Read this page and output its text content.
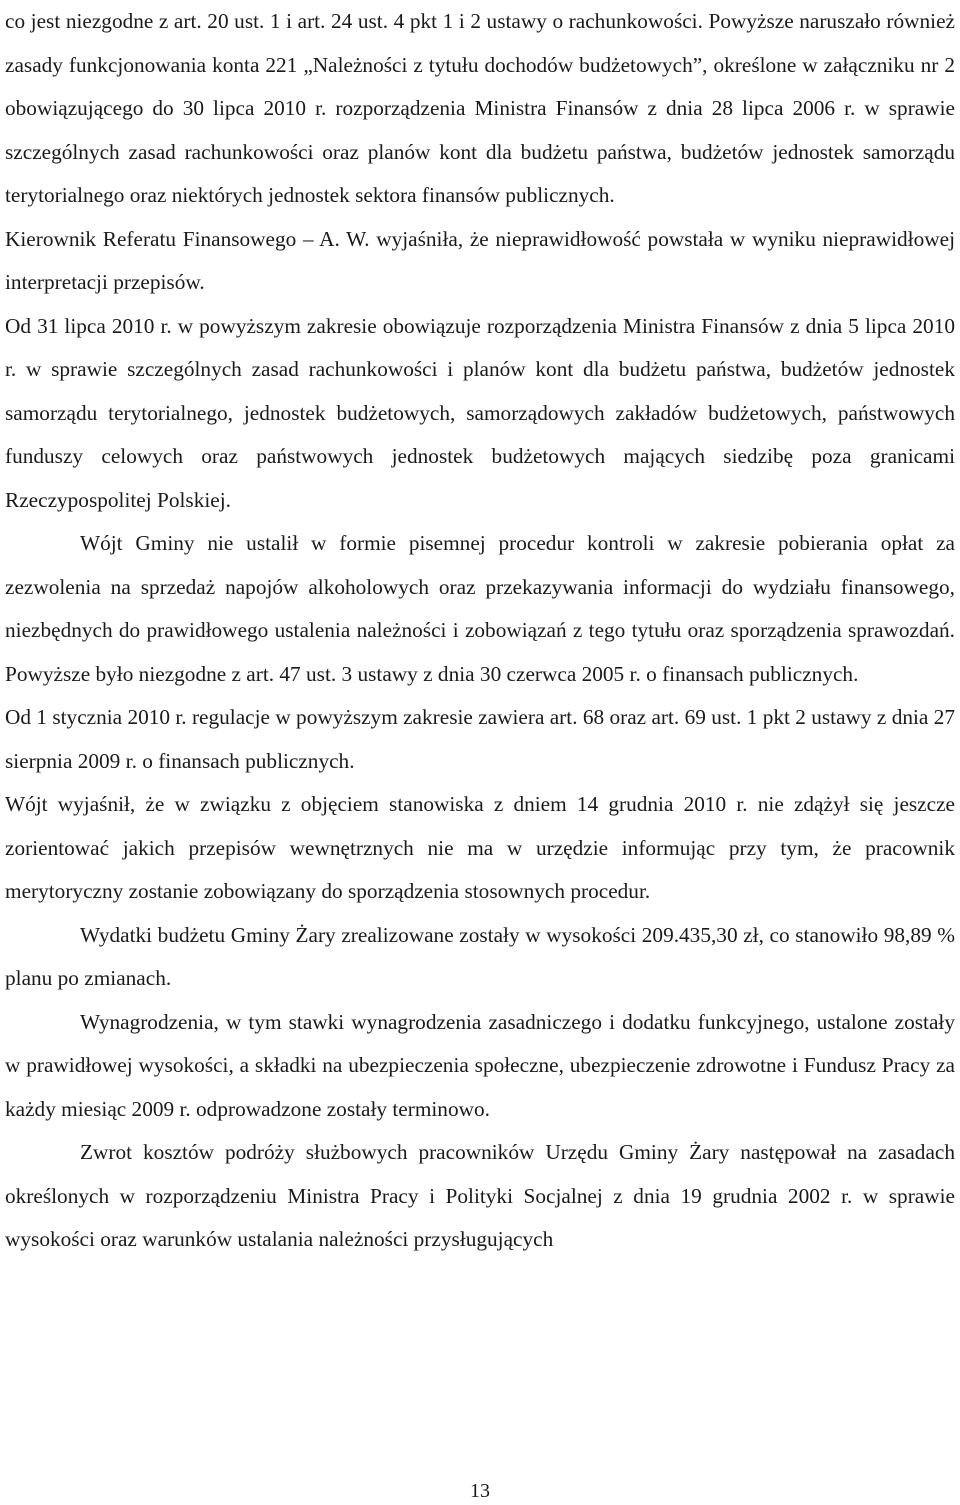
co jest niezgodne z art. 20 ust. 1 i art. 24 ust. 4 pkt 1 i 2 ustawy o rachunkowości. Powyższe naruszało również zasady funkcjonowania konta 221 „Należności z tytułu dochodów budżetowych”, określone w załączniku nr 2 obowiązującego do 30 lipca 2010 r. rozporządzenia Ministra Finansów z dnia 28 lipca 2006 r. w sprawie szczególnych zasad rachunkowości oraz planów kont dla budżetu państwa, budżetów jednostek samorządu terytorialnego oraz niektórych jednostek sektora finansów publicznych.

Kierownik Referatu Finansowego – A. W. wyjaśniła, że nieprawidłowość powstała w wyniku nieprawidłowej interpretacji przepisów.

Od 31 lipca 2010 r. w powyższym zakresie obowiązuje rozporządzenia Ministra Finansów z dnia 5 lipca 2010 r. w sprawie szczególnych zasad rachunkowości i planów kont dla budżetu państwa, budżetów jednostek samorządu terytorialnego, jednostek budżetowych, samorządowych zakładów budżetowych, państwowych funduszy celowych oraz państwowych jednostek budżetowych mających siedzibę poza granicami Rzeczypospolitej Polskiej.

Wójt Gminy nie ustalił w formie pisemnej procedur kontroli w zakresie pobierania opłat za zezwolenia na sprzedaż napojów alkoholowych oraz przekazywania informacji do wydziału finansowego, niezbędnych do prawidłowego ustalenia należności i zobowiązań z tego tytułu oraz sporządzenia sprawozdań. Powyższe było niezgodne z art. 47 ust. 3 ustawy z dnia 30 czerwca 2005 r. o finansach publicznych.

Od 1 stycznia 2010 r. regulacje w powyższym zakresie zawiera art. 68 oraz art. 69 ust. 1 pkt 2 ustawy z dnia 27 sierpnia 2009 r. o finansach publicznych.

Wójt wyjaśnił, że w związku z objęciem stanowiska z dniem 14 grudnia 2010 r. nie zdążył się jeszcze zorientować jakich przepisów wewnętrznych nie ma w urzędzie informując przy tym, że pracownik merytoryczny zostanie zobowiązany do sporządzenia stosownych procedur.

Wydatki budżetu Gminy Żary zrealizowane zostały w wysokości 209.435,30 zł, co stanowiło 98,89 % planu po zmianach.

Wynagrodzenia, w tym stawki wynagrodzenia zasadniczego i dodatku funkcyjnego, ustalone zostały w prawidłowej wysokości, a składki na ubezpieczenia społeczne, ubezpieczenie zdrowotne i Fundusz Pracy za każdy miesiąc 2009 r. odprowadzone zostały terminowo.

Zwrot kosztów podróży służbowych pracowników Urzędu Gminy Żary następował na zasadach określonych w rozporządzeniu Ministra Pracy i Polityki Socjalnej z dnia 19 grudnia 2002 r. w sprawie wysokości oraz warunków ustalania należności przysługujących

13
